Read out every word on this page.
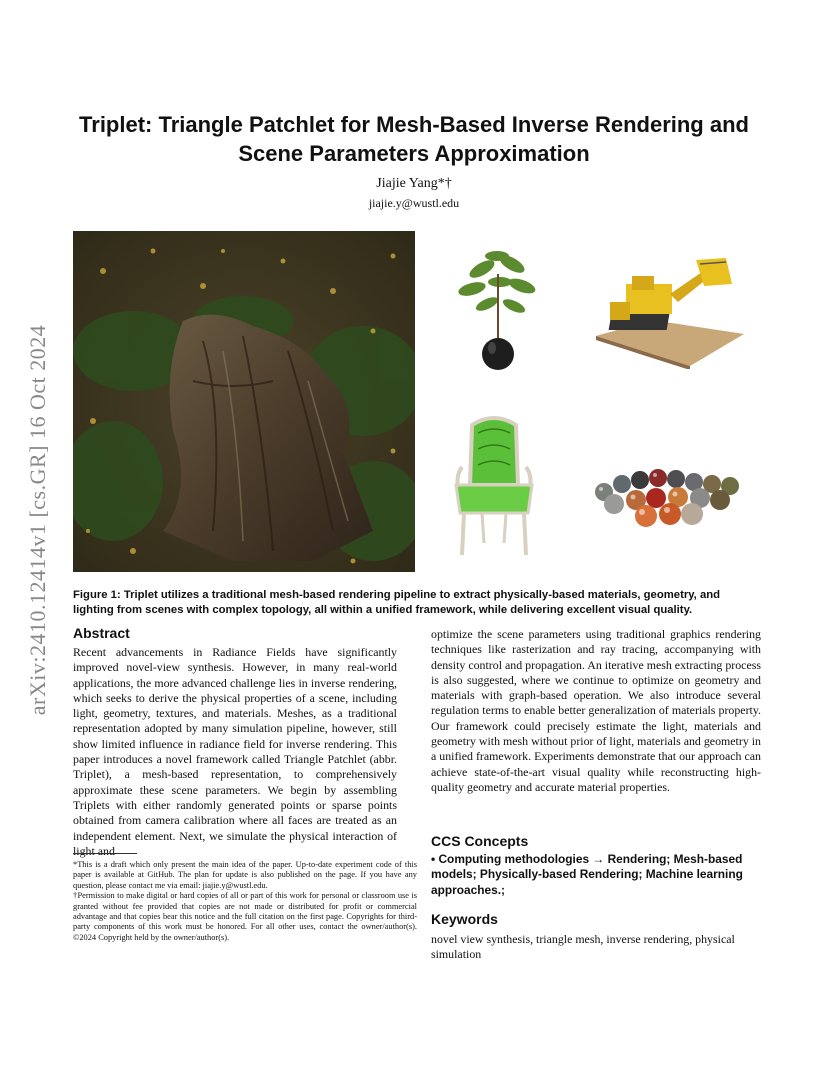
arXiv:2410.12414v1 [cs.GR] 16 Oct 2024
Triplet: Triangle Patchlet for Mesh-Based Inverse Rendering and Scene Parameters Approximation
Jiajie Yang*†
jiajie.y@wustl.edu
Figure 1: Triplet utilizes a traditional mesh-based rendering pipeline to extract physically-based materials, geometry, and lighting from scenes with complex topology, all within a unified framework, while delivering excellent visual quality.
Abstract
Recent advancements in Radiance Fields have significantly improved novel-view synthesis. However, in many real-world applications, the more advanced challenge lies in inverse rendering, which seeks to derive the physical properties of a scene, including light, geometry, textures, and materials. Meshes, as a traditional representation adopted by many simulation pipeline, however, still show limited influence in radiance field for inverse rendering. This paper introduces a novel framework called Triangle Patchlet (abbr. Triplet), a mesh-based representation, to comprehensively approximate these scene parameters. We begin by assembling Triplets with either randomly generated points or sparse points obtained from camera calibration where all faces are treated as an independent element. Next, we simulate the physical interaction of light and
optimize the scene parameters using traditional graphics rendering techniques like rasterization and ray tracing, accompanying with density control and propagation. An iterative mesh extracting process is also suggested, where we continue to optimize on geometry and materials with graph-based operation. We also introduce several regulation terms to enable better generalization of materials property. Our framework could precisely estimate the light, materials and geometry with mesh without prior of light, materials and geometry in a unified framework. Experiments demonstrate that our approach can achieve state-of-the-art visual quality while reconstructing high-quality geometry and accurate material properties.

*This is a draft which only present the main idea of the paper. Up-to-date experiment code of this paper is available at GitHub. The plan for update is also published on the page. If you have any question, please contact me via email: jiajie.y@wustl.edu.

†Permission to make digital or hard copies of all or part of this work for personal or classroom use is granted without fee provided that copies are not made or distributed for profit or commercial advantage and that copies bear this notice and the full citation on the first page. Copyrights for third-party components of this work must be honored. For all other uses, contact the owner/author(s). ©2024 Copyright held by the owner/author(s).

CCS Concepts
• Computing methodologies → Rendering; Mesh-based models; Physically-based Rendering; Machine learning approaches.;
Keywords
novel view synthesis, triangle mesh, inverse rendering, physical simulation
